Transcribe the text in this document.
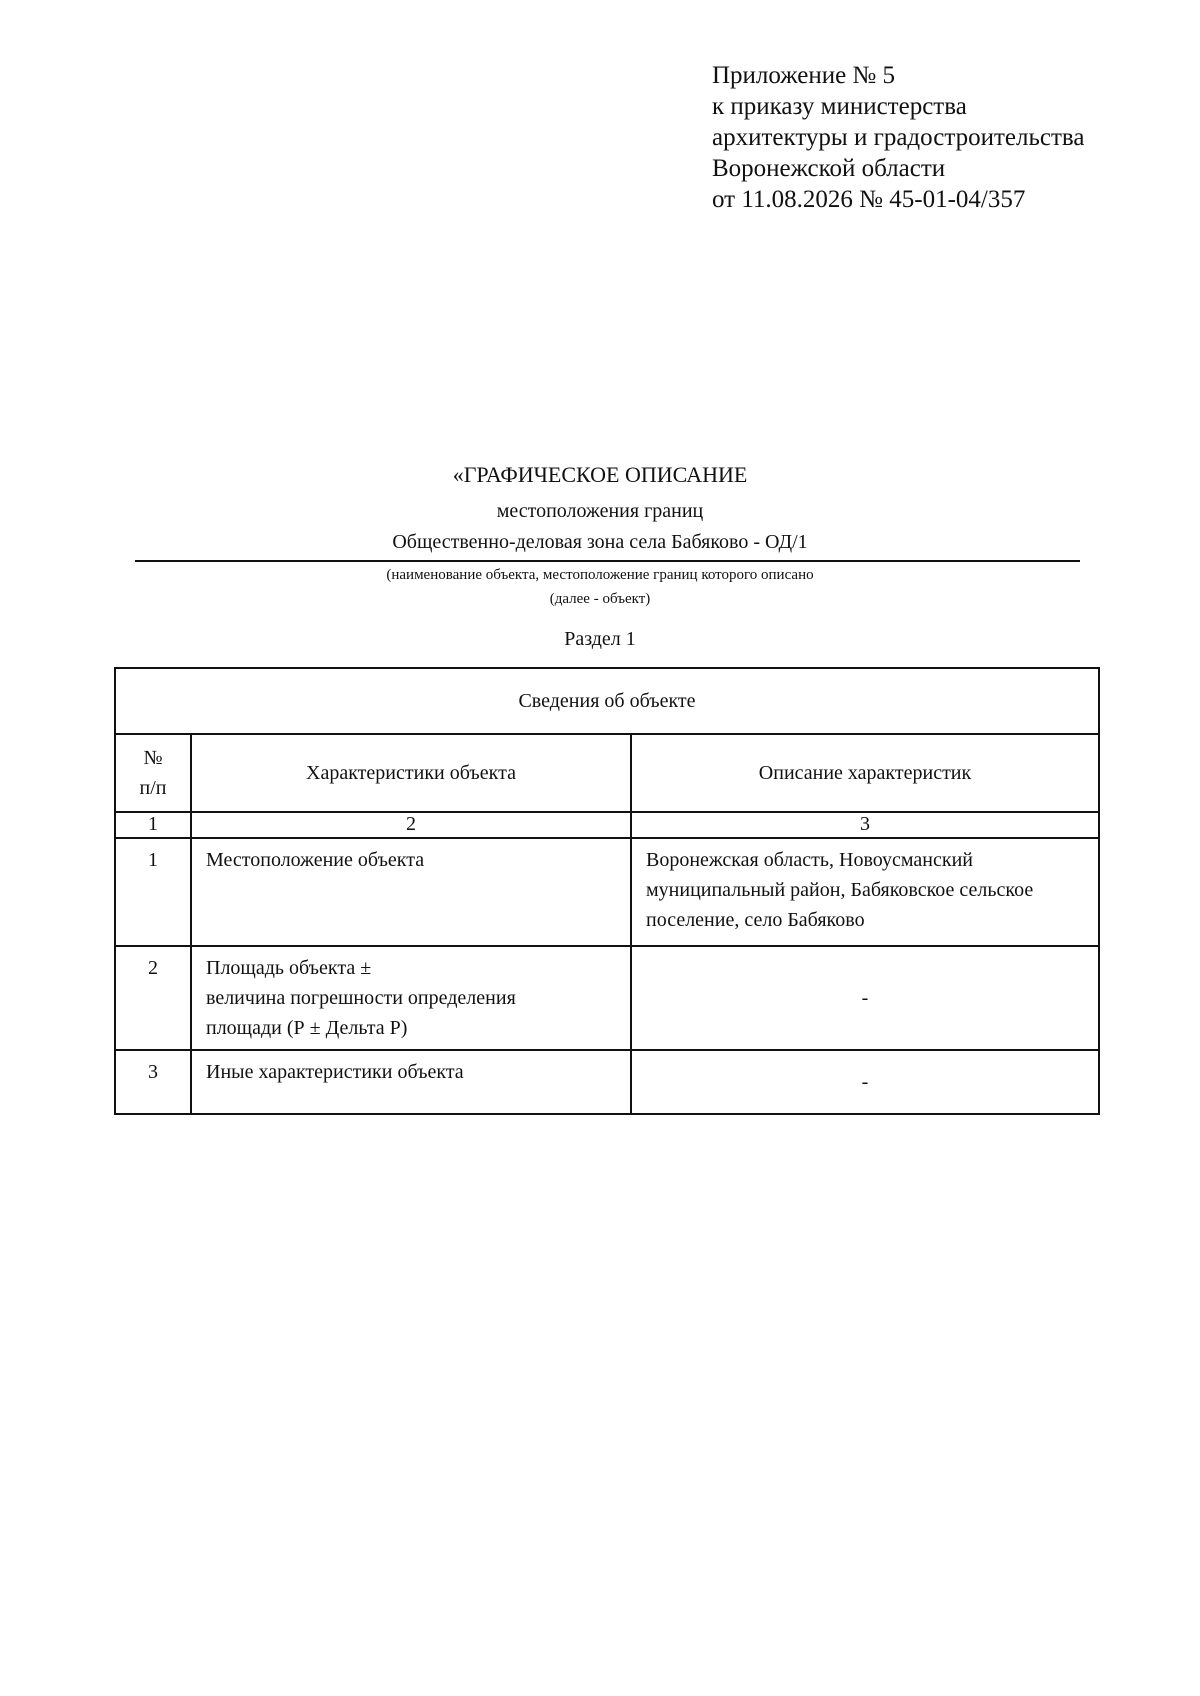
Приложение № 5
к приказу министерства
архитектуры и градостроительства
Воронежской области
от 11.08.2026 № 45-01-04/357
«ГРАФИЧЕСКОЕ ОПИСАНИЕ
местоположения границ
Общественно-деловая зона села Бабяково - ОД/1
(наименование объекта, местоположение границ которого описано
(далее - объект)
Раздел 1
Сведения об объекте		

№
п/п	Характеристики объекта	Описание характеристик
1	2	3
1	Местоположение объекта	Воронежская область, Новоусманский муниципальный район, Бабяковское сельское поселение, село Бабяково
2	Площадь объекта ±
величина погрешности определения
площади (Р ± Дельта Р)	-
3	Иные характеристики объекта	-
